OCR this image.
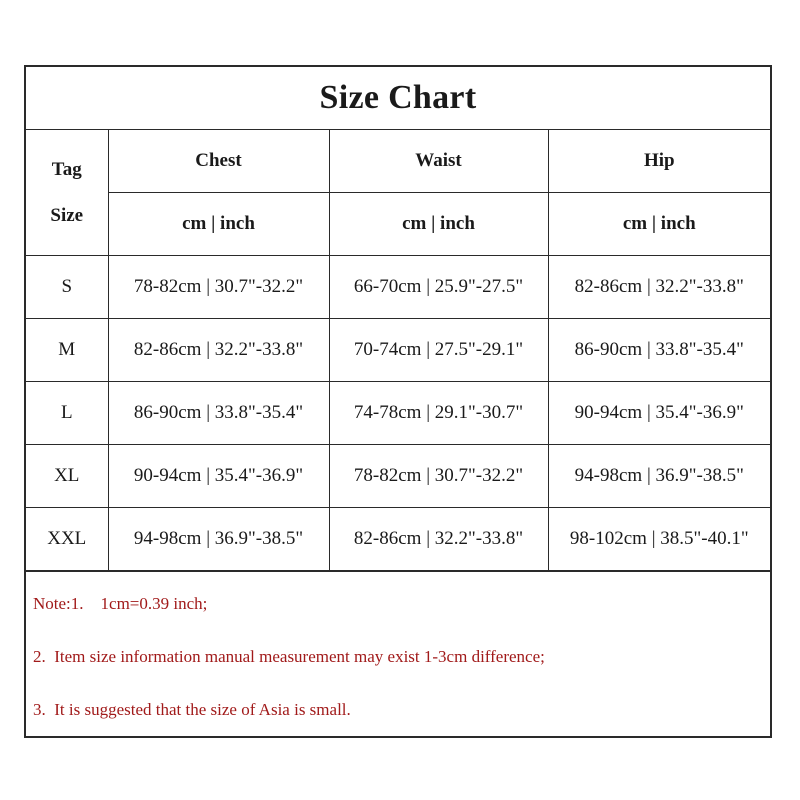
Size Chart
Tag
Size	Chest	Waist	Hip
	cm | inch	cm | inch	cm | inch
S	78-82cm | 30.7"-32.2"	66-70cm | 25.9"-27.5"	82-86cm | 32.2"-33.8"
M	82-86cm | 32.2"-33.8"	70-74cm | 27.5"-29.1"	86-90cm | 33.8"-35.4"
L	86-90cm | 33.8"-35.4"	74-78cm | 29.1"-30.7"	90-94cm | 35.4"-36.9"
XL	90-94cm | 35.4"-36.9"	78-82cm | 30.7"-32.2"	94-98cm | 36.9"-38.5"
XXL	94-98cm | 36.9"-38.5"	82-86cm | 32.2"-33.8"	98-102cm | 38.5"-40.1"
Note:1.    1cm=0.39 inch;
2.  Item size information manual measurement may exist 1-3cm difference;
3.  It is suggested that the size of Asia is small.
